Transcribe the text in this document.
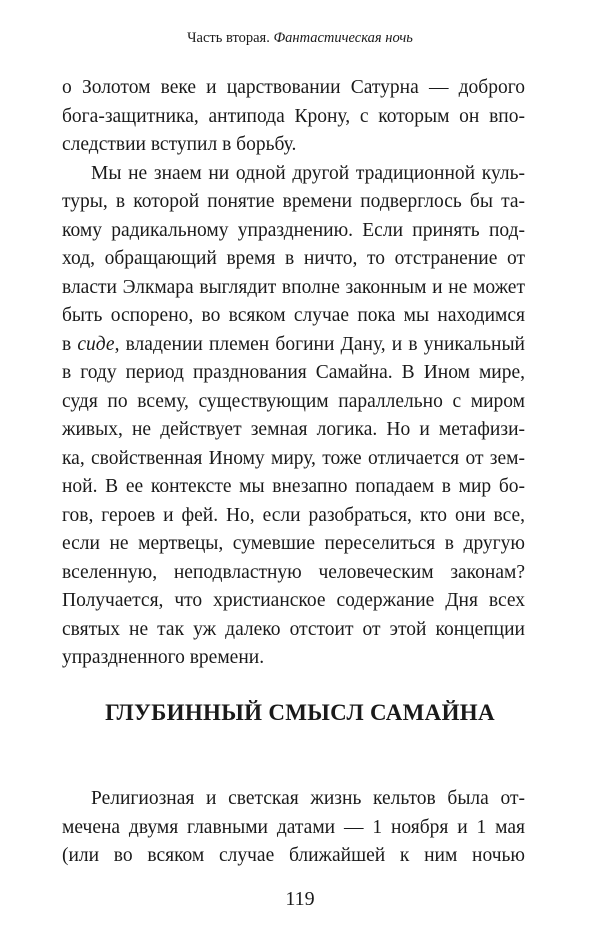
Часть вторая. Фантастическая ночь
о Золотом веке и царствовании Сатурна — доброго
бога-защитника, антипода Крону, с которым он впо-
следствии вступил в борьбу.
Мы не знаем ни одной другой традиционной куль-
туры, в которой понятие времени подверглось бы та-
кому радикальному упразднению. Если принять под-
ход, обращающий время в ничто, то отстранение от
власти Элкмара выглядит вполне законным и не может
быть оспорено, во всяком случае пока мы находимся
в сиде, владении племен богини Дану, и в уникальный
в году период празднования Самайна. В Ином мире,
судя по всему, существующим параллельно с миром
живых, не действует земная логика. Но и метафизи-
ка, свойственная Иному миру, тоже отличается от зем-
ной. В ее контексте мы внезапно попадаем в мир бо-
гов, героев и фей. Но, если разобраться, кто они все,
если не мертвецы, сумевшие переселиться в другую
вселенную, неподвластную человеческим законам?
Получается, что христианское содержание Дня всех
святых не так уж далеко отстоит от этой концепции
упраздненного времени.
ГЛУБИННЫЙ СМЫСЛ САМАЙНА
Религиозная и светская жизнь кельтов была от-
мечена двумя главными датами — 1 ноября и 1 мая
(или во всяком случае ближайшей к ним ночью
119
